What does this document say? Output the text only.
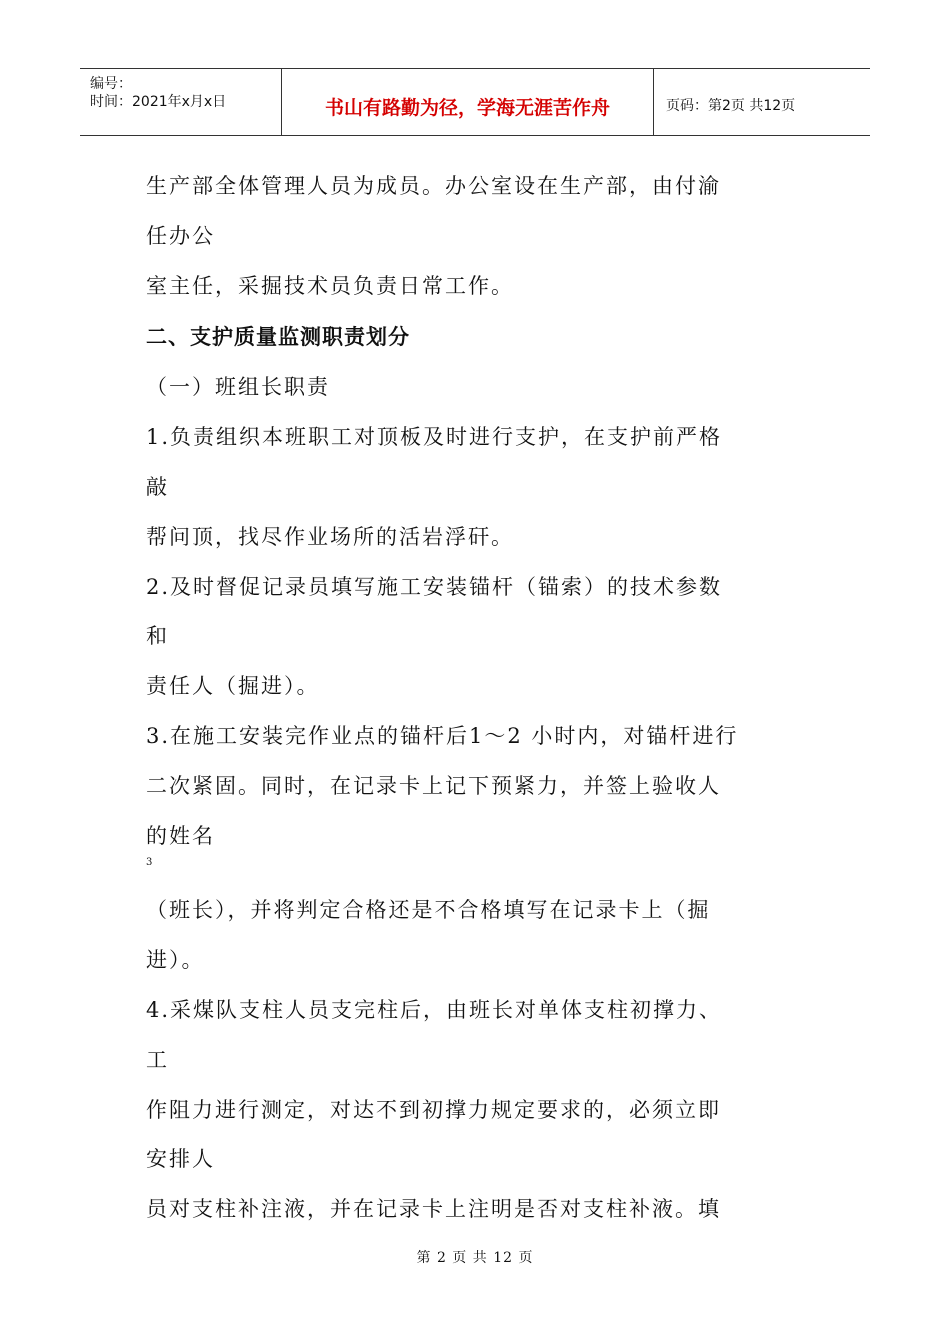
编号：
时间：2021年x月x日	书山有路勤为径，学海无涯苦作舟	页码：第2页 共12页
生产部全体管理人员为成员。办公室设在生产部，由付渝
任办公
室主任，采掘技术员负责日常工作。
二、支护质量监测职责划分
（一）班组长职责
1.负责组织本班职工对顶板及时进行支护，在支护前严格
敲
帮问顶，找尽作业场所的活岩浮矸。
2.及时督促记录员填写施工安装锚杆（锚索）的技术参数
和
责任人（掘进）。
3.在施工安装完作业点的锚杆后1～2 小时内，对锚杆进行
二次紧固。同时，在记录卡上记下预紧力，并签上验收人
的姓名
3
（班长），并将判定合格还是不合格填写在记录卡上（掘
进）。
4.采煤队支柱人员支完柱后，由班长对单体支柱初撑力、
工
作阻力进行测定，对达不到初撑力规定要求的，必须立即
安排人
员对支柱补注液，并在记录卡上注明是否对支柱补液。填
第 2 页 共 12 页
